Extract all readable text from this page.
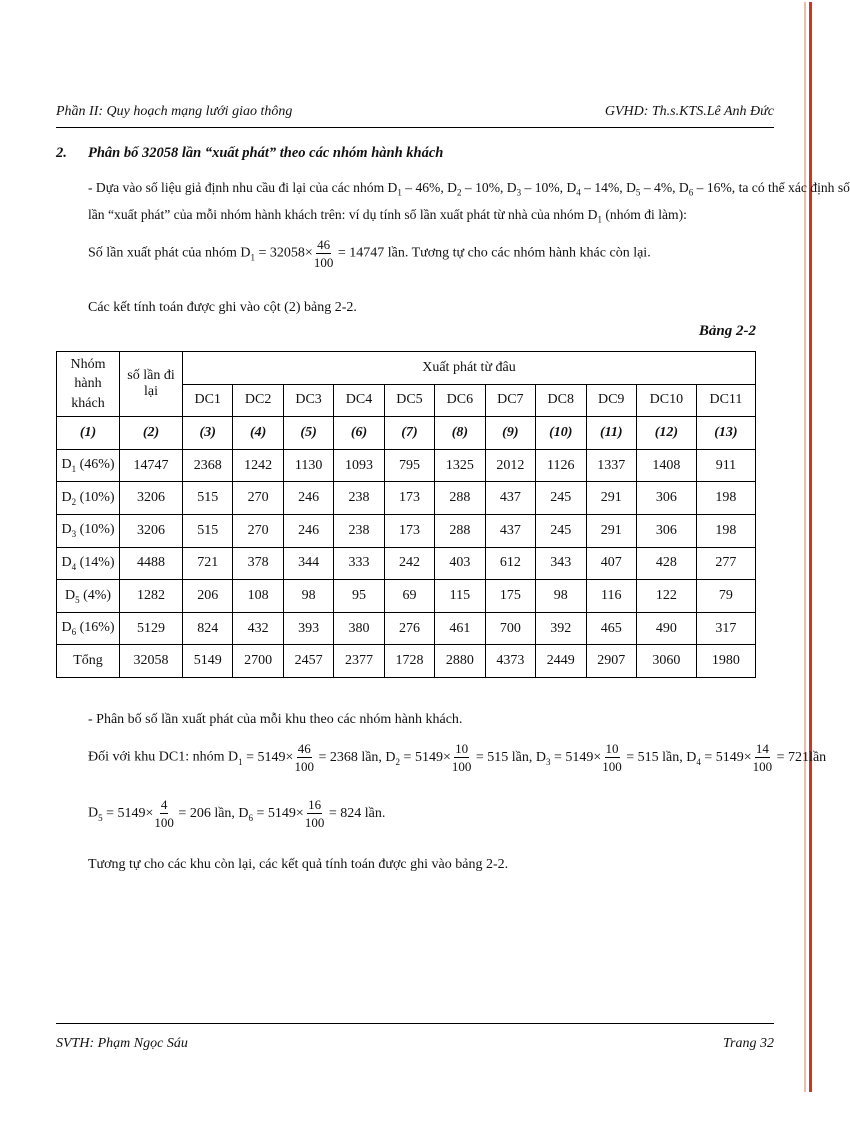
Phần II: Quy hoạch mạng lưới giao thông	GVHD: Th.s.KTS.Lê Anh Đức
2. Phân bố 32058 lần “xuất phát” theo các nhóm hành khách
- Dựa vào số liệu giả định nhu cầu đi lại của các nhóm $D_1 - 46\%$, $D_2 - 10\%$, $D_3 - 10\%$, $D_4 - 14\%$, $D_5 - 4\%$, $D_6 - 16\%$, ta có thể xác định số
lần “xuất phát” của mỗi nhóm hành khách trên: ví dụ tính số lần xuất phát từ nhà của nhóm $D_1$ (nhóm đi làm):
Số lần xuất phát của nhóm $D_1 = 32058\times \frac{46}{100} = 14747$ lần. Tương tự cho các nhóm hành khác còn lại.
Các kết tính toán được ghi vào cột (2) bảng 2-2.
Nhóm hành khách	số lần đi lại	Xuất phát từ đâu										
		DC1	DC2	DC3	DC4	DC5	DC6	DC7	DC8	DC9	DC10	DC11
(1)	(2)	(3)	(4)	(5)	(6)	(7)	(8)	(9)	(10)	(11)	(12)	(13)
$D_1$ (46%)	14747	2368	1242	1130	1093	795	1325	2012	1126	1337	1408	911
$D_2$ (10%)	3206	515	270	246	238	173	288	437	245	291	306	198
$D_3$ (10%)	3206	515	270	246	238	173	288	437	245	291	306	198
$D_4$ (14%)	4488	721	378	344	333	242	403	612	343	407	428	277
$D_5$ (4%)	1282	206	108	98	95	69	115	175	98	116	122	79
$D_6$ (16%)	5129	824	432	393	380	276	461	700	392	465	490	317
Tổng	32058	5149	2700	2457	2377	1728	2880	4373	2449	2907	3060	1980
Bảng 2-2
- Phân bố số lần xuất phát của mỗi khu theo các nhóm hành khách.
Đối với khu DC1: nhóm $D_1 = 5149\times \frac{46}{100} = 2368$ lần, $D_2 = 5149\times \frac{10}{100} = 515$ lần, $D_3 = 5149\times \frac{10}{100} = 515$ lần, $D_4 = 5149\times \frac{14}{100}$ = 721lần
$D_5 = 5149\times \frac{4}{100} = 206$ lần, $D_6 = 5149\times \frac{16}{100} = 824$ lần.
Tương tự cho các khu còn lại, các kết quả tính toán được ghi vào bảng 2-2.
SVTH: Phạm Ngọc Sáu	Trang 32
